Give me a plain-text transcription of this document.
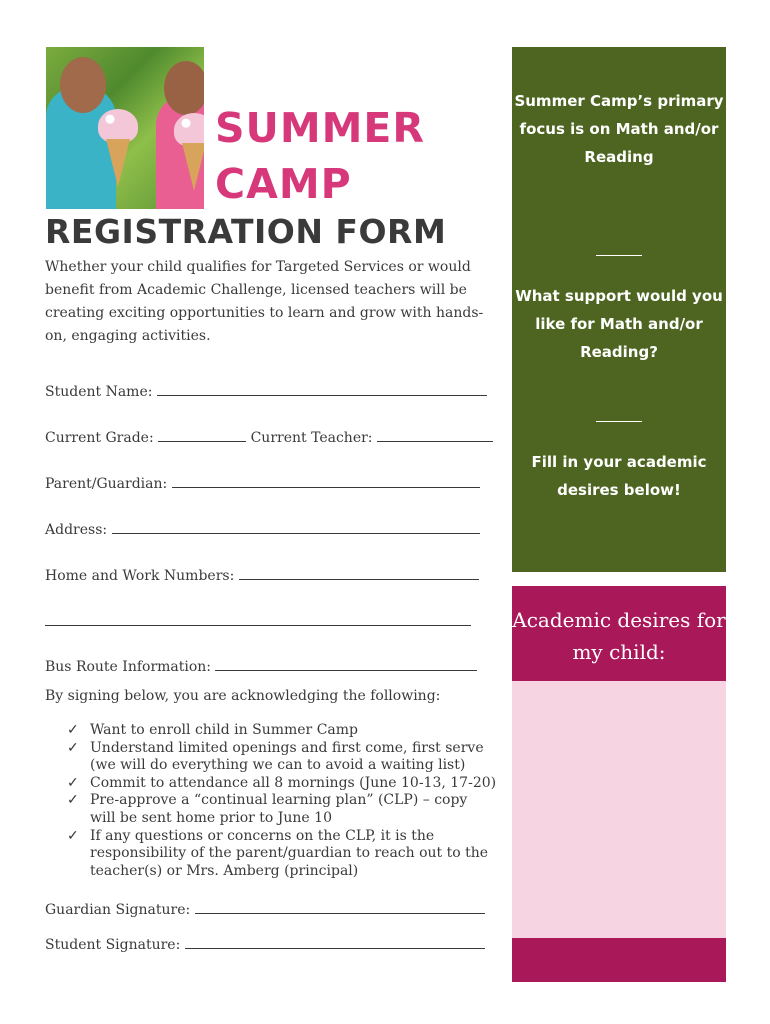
SUMMER
CAMP
REGISTRATION FORM

Whether your child qualifies for Targeted Services or would benefit from Academic Challenge, licensed teachers will be creating exciting opportunities to learn and grow with hands-on, engaging activities.

Student Name:

Current Grade:	Current Teacher:

Parent/Guardian:

Address:

Home and Work Numbers:

Bus Route Information:

By signing below, you are acknowledging the following:

✓ Want to enroll child in Summer Camp
✓ Understand limited openings and first come, first serve (we will do everything we can to avoid a waiting list)
✓ Commit to attendance all 8 mornings (June 10-13, 17-20)
✓ Pre-approve a “continual learning plan” (CLP) – copy will be sent home prior to June 10
✓ If any questions or concerns on the CLP, it is the responsibility of the parent/guardian to reach out to the teacher(s) or Mrs. Amberg (principal)

Guardian Signature:

Student Signature:

Summer Camp’s primary focus is on Math and/or Reading

What support would you like for Math and/or Reading?

Fill in your academic desires below!

Academic desires for my child:
